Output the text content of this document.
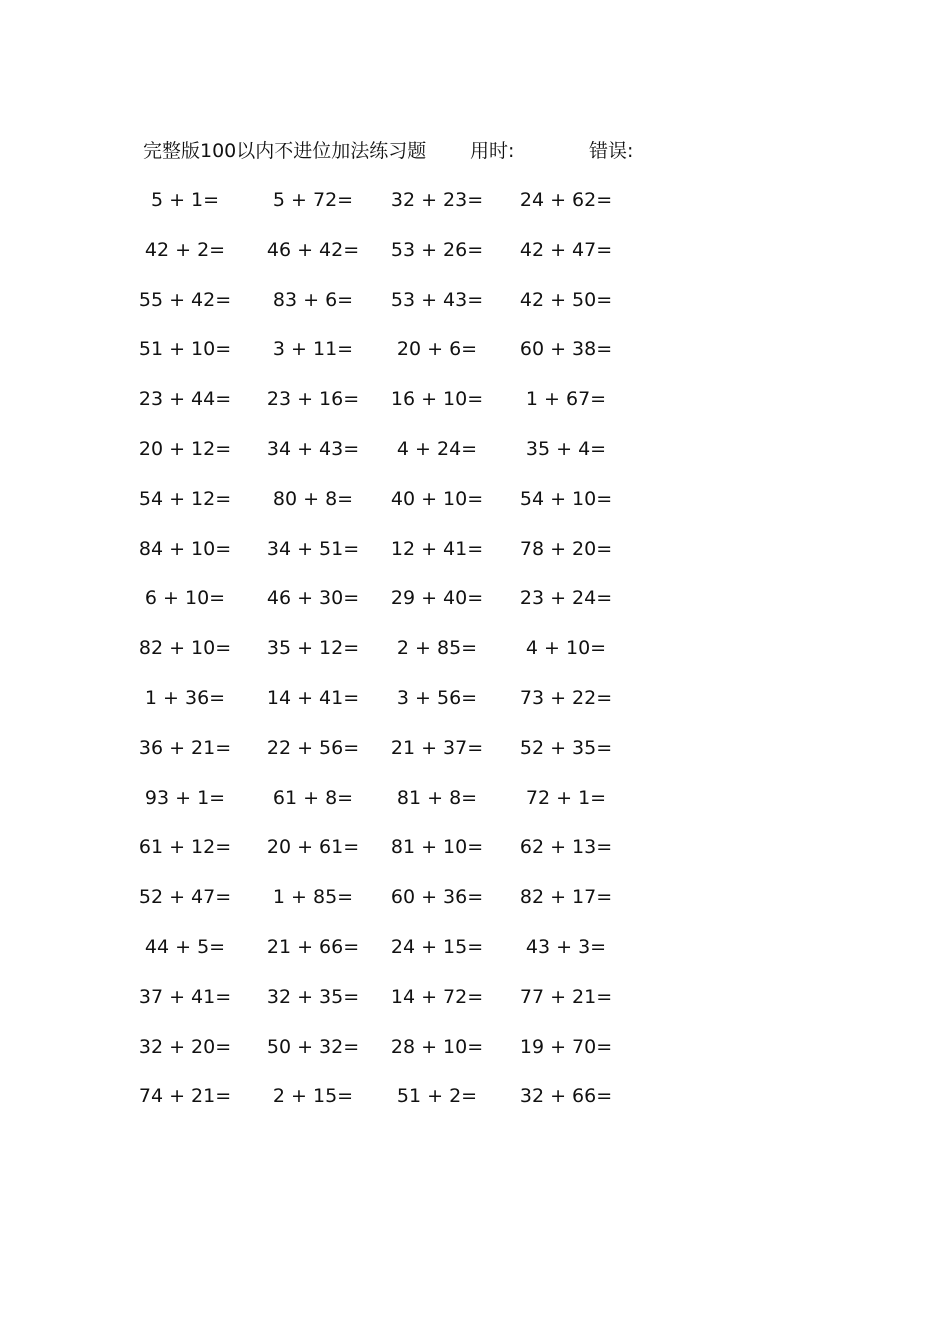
完整版100以内不进位加法练习题 用时:	错误:
5 + 1=	5 + 72=	32 + 23=	24 + 62=
42 + 2=	46 + 42=	53 + 26=	42 + 47=
55 + 42=	83 + 6=	53 + 43=	42 + 50=
51 + 10=	3 + 11=	20 + 6=	60 + 38=
23 + 44=	23 + 16=	16 + 10=	1 + 67=
20 + 12=	34 + 43=	4 + 24=	35 + 4=
54 + 12=	80 + 8=	40 + 10=	54 + 10=
84 + 10=	34 + 51=	12 + 41=	78 + 20=
6 + 10=	46 + 30=	29 + 40=	23 + 24=
82 + 10=	35 + 12=	2 + 85=	4 + 10=
1 + 36=	14 + 41=	3 + 56=	73 + 22=
36 + 21=	22 + 56=	21 + 37=	52 + 35=
93 + 1=	61 + 8=	81 + 8=	72 + 1=
61 + 12=	20 + 61=	81 + 10=	62 + 13=
52 + 47=	1 + 85=	60 + 36=	82 + 17=
44 + 5=	21 + 66=	24 + 15=	43 + 3=
37 + 41=	32 + 35=	14 + 72=	77 + 21=
32 + 20=	50 + 32=	28 + 10=	19 + 70=
74 + 21=	2 + 15=	51 + 2=	32 + 66=
